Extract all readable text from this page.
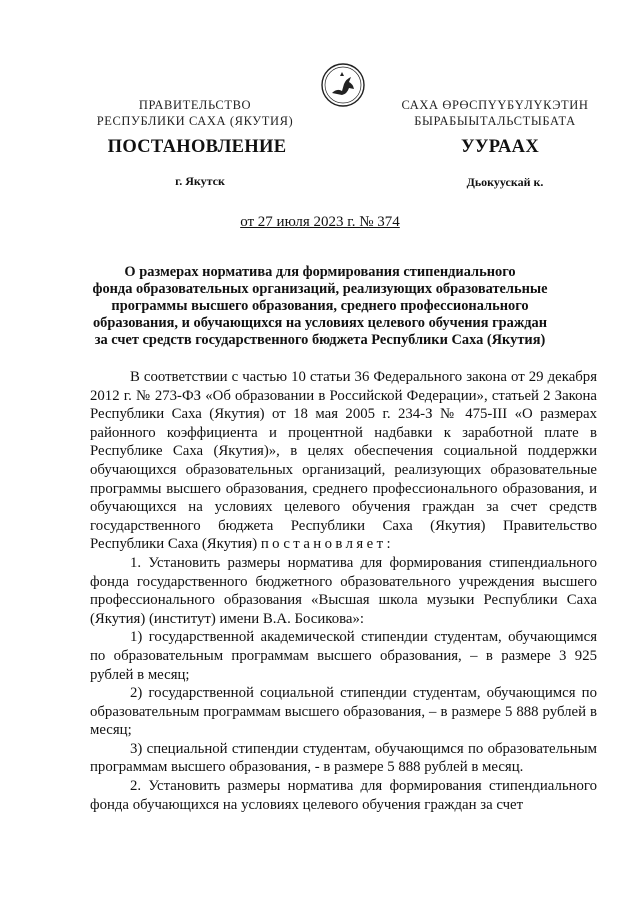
ПРАВИТЕЛЬСТВО
РЕСПУБЛИКИ САХА (ЯКУТИЯ)
САХА ӨРӨСПҮҮБҮЛҮКЭТИН
БЫРАБЫЫТАЛЬСТЫБАТА
ПОСТАНОВЛЕНИЕ	УУРААХ
г. Якутск	Дьокуускай к.
от 27 июля 2023 г. № 374
О размерах норматива для формирования стипендиального
фонда образовательных организаций, реализующих образовательные
программы высшего образования, среднего профессионального
образования, и обучающихся на условиях целевого обучения граждан
за счет средств государственного бюджета Республики Саха (Якутия)

В соответствии с частью 10 статьи 36 Федерального закона от 29 декабря 2012 г. № 273-ФЗ «Об образовании в Российской Федерации», статьей 2 Закона Республики Саха (Якутия) от 18 мая 2005 г. 234-З № 475-III «О размерах районного коэффициента и процентной надбавки к заработной плате в Республике Саха (Якутия)», в целях обеспечения социальной поддержки обучающихся образовательных организаций, реализующих образовательные программы высшего образования, среднего профессионального образования, и обучающихся на условиях целевого обучения граждан за счет средств государственного бюджета Республики Саха (Якутия) Правительство Республики Саха (Якутия) постановляет:

1. Установить размеры норматива для формирования стипендиального фонда государственного бюджетного образовательного учреждения высшего профессионального образования «Высшая школа музыки Республики Саха (Якутия) (институт) имени В.А. Босикова»:

1) государственной академической стипендии студентам, обучающимся по образовательным программам высшего образования, – в размере 3 925 рублей в месяц;

2) государственной социальной стипендии студентам, обучающимся по образовательным программам высшего образования, – в размере 5 888 рублей в месяц;

3) специальной стипендии студентам, обучающимся по образовательным программам высшего образования, - в размере 5 888 рублей в месяц.

2. Установить размеры норматива для формирования стипендиального фонда обучающихся на условиях целевого обучения граждан за счет
